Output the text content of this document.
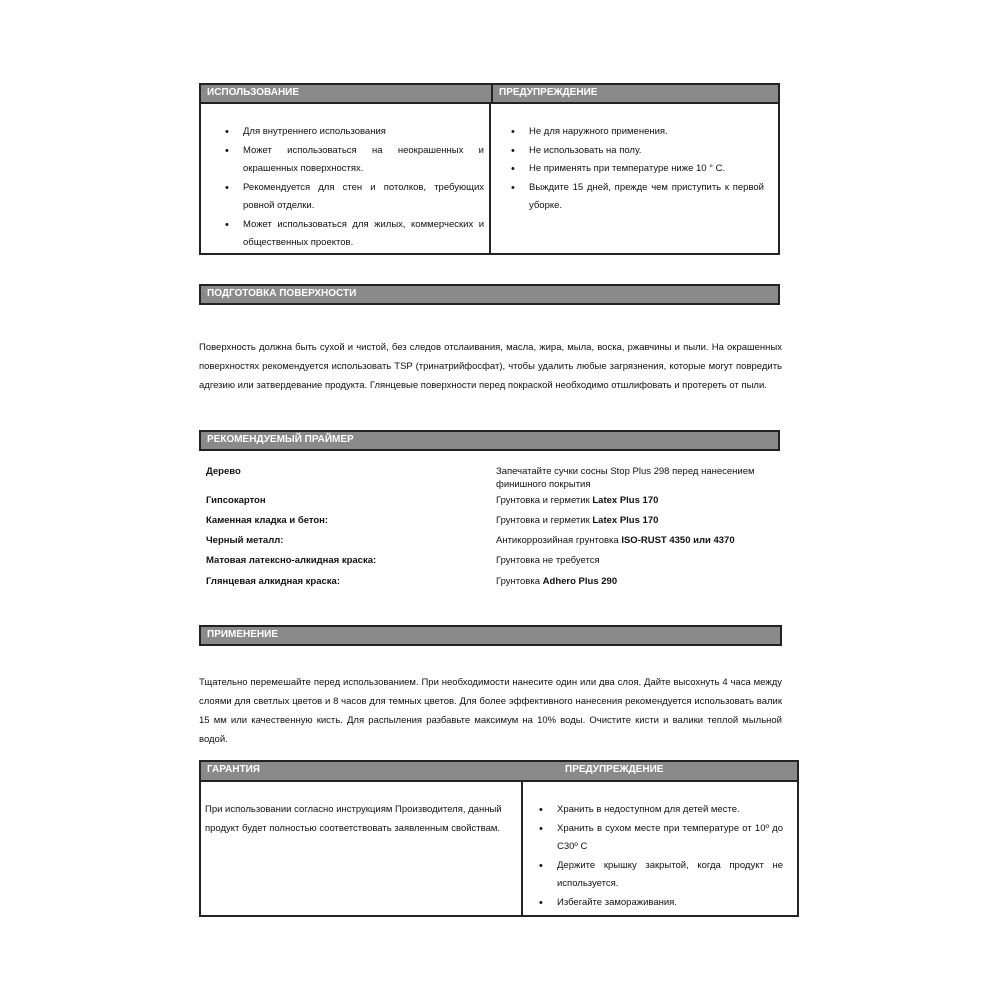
ИСПОЛЬЗОВАНИЕ	ПРЕДУПРЕЖДЕНИЕ
• Для внутреннего использования
• Может использоваться на неокрашенных и окрашенных поверхностях.
• Рекомендуется для стен и потолков, требующих ровной отделки.
• Может использоваться для жилых, коммерческих и общественных проектов.
• Не для наружного применения.
• Не использовать на полу.
• Не применять при температуре ниже 10 ° C.
• Выждите 15 дней, прежде чем приступить к первой уборке.
ПОДГОТОВКА ПОВЕРХНОСТИ
Поверхность должна быть сухой и чистой, без следов отслаивания, масла, жира, мыла, воска, ржавчины и пыли. На окрашенных поверхностях рекомендуется использовать TSP (тринатрийфосфат), чтобы удалить любые загрязнения, которые могут повредить адгезию или затвердевание продукта. Глянцевые поверхности перед покраской необходимо отшлифовать и протереть от пыли.
РЕКОМЕНДУЕМЫЙ ПРАЙМЕР
Дерево	Запечатайте сучки сосны Stop Plus 298 перед нанесением финишного покрытия
Гипсокартон	Грунтовка и герметик Latex Plus 170
Каменная кладка и бетон:	Грунтовка и герметик Latex Plus 170
Черный металл:	Антикоррозийная грунтовка ISO-RUST 4350 или 4370
Матовая латексно-алкидная краска:	Грунтовка не требуется
Глянцевая алкидная краска:	Грунтовка Adhero Plus 290
ПРИМЕНЕНИЕ
Тщательно перемешайте перед использованием. При необходимости нанесите один или два слоя. Дайте высохнуть 4 часа между слоями для светлых цветов и 8 часов для темных цветов. Для более эффективного нанесения рекомендуется использовать валик 15 мм или качественную кисть. Для распыления разбавьте максимум на 10% воды. Очистите кисти и валики теплой мыльной водой.
ГАРАНТИЯ	ПРЕДУПРЕЖДЕНИЕ
При использовании согласно инструкциям Производителя, данный продукт будет полностью соответствовать заявленным свойствам.
• Хранить в недоступном для детей месте.
• Хранить в сухом месте при температуре от 10º до C30º C
• Держите крышку закрытой, когда продукт не используется.
• Избегайте замораживания.
